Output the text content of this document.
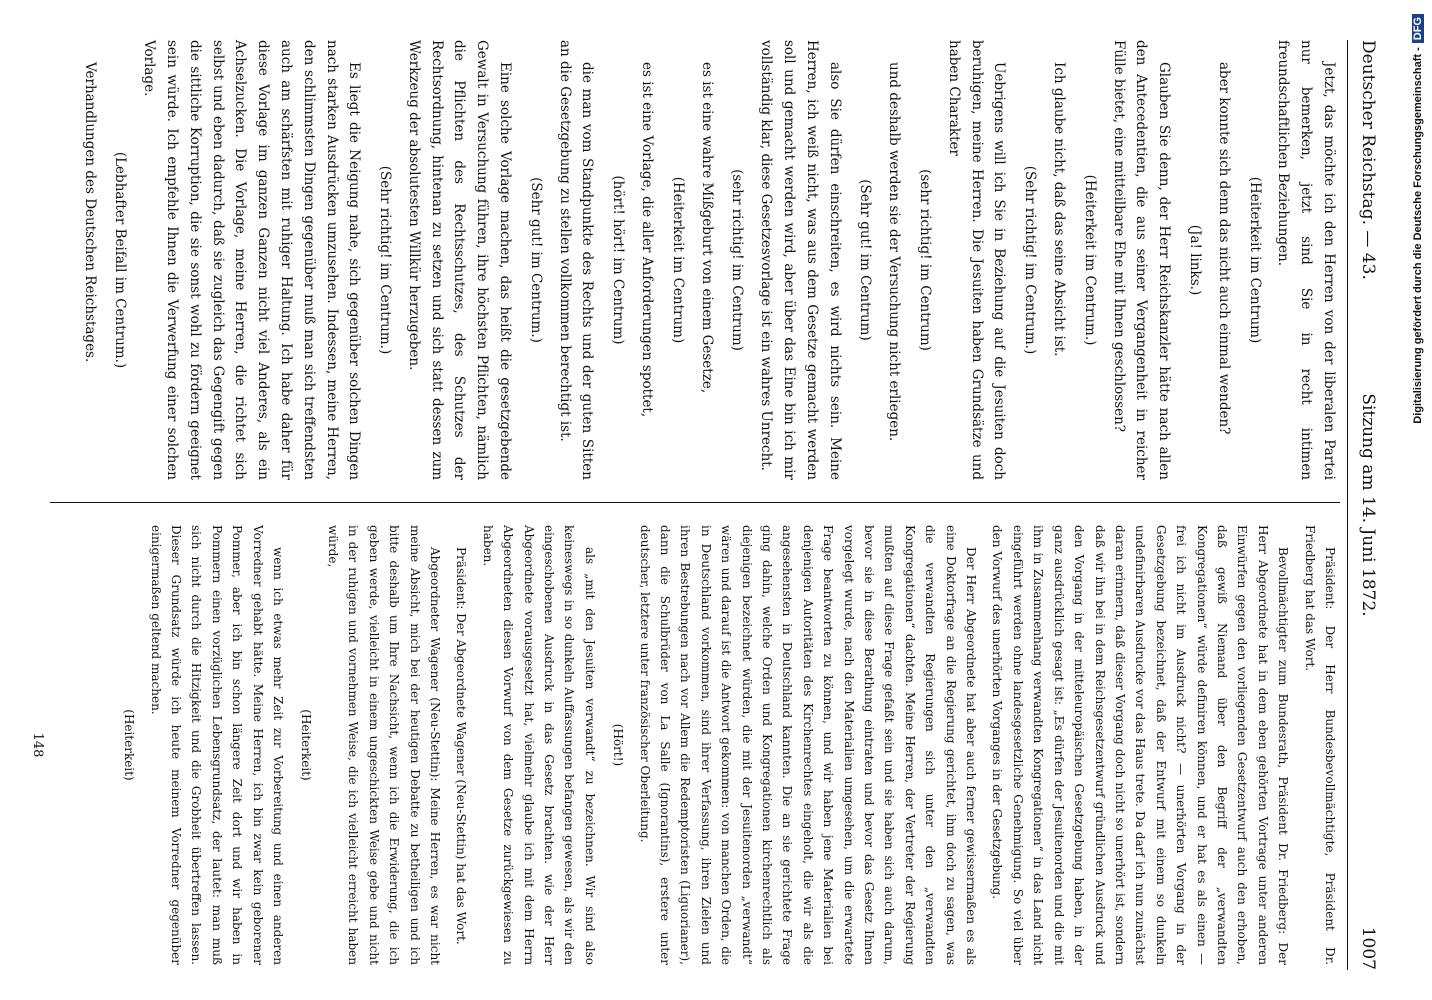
Deutscher Reichstag. — 43.
Sitzung am 14. Juni 1872.
1007

Jetzt, das möchte ich den Herren von der liberalen Partei nur bemerken, jetzt sind Sie in recht intimen freundschaftlichen Beziehungen.

(Heiterkeit im Centrum)

aber konnte sich denn das nicht auch einmal wenden?

(Ja! links.)

Glauben Sie denn, der Herr Reichskanzler hätte nach allen den Antecedentien, die aus seiner Vergangenheit in reicher Fülle bietet, eine mitteilbare Ehe mit Ihnen geschlossen?

(Heiterkeit im Centrum.)

Ich glaube nicht, daß das seine Absicht ist.

(Sehr richtig! im Centrum.)

Uebrigens will ich Sie in Beziehung auf die Jesuiten doch beruhigen, meine Herren. Die Jesuiten haben Grundsätze und haben Charakter

(sehr richtig! im Centrum)

und deshalb werden sie der Versuchung nicht erliegen.

(Sehr gut! im Centrum)

also Sie dürfen einschreiten, es wird nichts sein. Meine Herren, ich weiß nicht, was aus dem Gesetze gemacht werden soll und gemacht werden wird, aber über das Eine bin ich mir vollständig klar, diese Gesetzesvorlage ist ein wahres Unrecht.

(sehr richtig! im Centrum)

es ist eine wahre Mißgeburt von einem Gesetze,

(Heiterkeit im Centrum)

es ist eine Vorlage, die aller Anforderungen spottet,

(hört! hört! im Centrum)

die man vom Standpunkte des Rechts und der guten Sitten an die Gesetzgebung zu stellen vollkommen berechtigt ist.

(Sehr gut! im Centrum.)

Eine solche Vorlage machen, das heißt die gesetzgebende Gewalt in Versuchung führen, ihre höchsten Pflichten, nämlich die Pflichten des Rechtsschutzes, des Schutzes der Rechtsordnung, hintenan zu setzen und sich statt dessen zum Werkzeug der absolutesten Willkür herzugeben.

(Sehr richtig! im Centrum.)

Es liegt die Neigung nahe, sich gegenüber solchen Dingen nach starken Ausdrücken umzusehen. Indessen, meine Herren, den schlimmsten Dingen gegenüber muß man sich treffendsten auch am schärfsten mit ruhiger Haltung. Ich habe daher für diese Vorlage im ganzen Ganzen nicht viel Anderes, als ein Achselzucken. Die Vorlage, meine Herren, die richtet sich selbst und eben dadurch, daß sie zugleich das Gegengift gegen die sittliche Korruption, die sie sonst wohl zu fördern geeignet sein würde. Ich empfehle Ihnen die Verwerfung einer solchen Vorlage.

(Lebhafter Beifall im Centrum.)

Verhandlungen des Deutschen Reichstages.

Präsident: Der Herr Bundesbevollmächtigte, Präsident Dr. Friedberg hat das Wort.

Bevollmächtigter zum Bundesrath, Präsident Dr. Friedberg: Der Herr Abgeordnete hat in dem eben gehörten Vortrage unter anderen Einwürfen gegen den vorliegenden Gesetzentwurf auch den erhoben, daß gewiß Niemand über den Begriff der „verwandten Kongregationen“ würde definiren können, und er hat es als einen — frei ich nicht im Ausdruck nicht? — unerhörten Vorgang in der Gesetzgebung bezeichnet, daß der Entwurf mit einem so dunkeln undefinirbaren Ausdrucke vor das Haus trete. Da darf ich nun zunächst daran erinnern, daß dieser Vorgang doch nicht so unerhört ist, sondern daß wir ihn bei in dem Reichsgesetzentwurf gründlichen Ausdruck und den Vorgang in der mitteleuropäischen Gesetzgebung haben, in der ganz ausdrücklich gesagt ist: „Es dürfen der Jesuitenorden und die mit ihm in Zusammenhang verwandten Kongregationen“ in das Land nicht eingeführt werden ohne landesgesetzliche Genehmigung. So viel über den Vorwurf des unerhörten Vorganges in der Gesetzgebung.

Der Herr Abgeordnete hat aber auch ferner gewissermaßen es als eine Doktorfrage an die Regierung gerichtet, ihm doch zu sagen, was die verwandten Regierungen sich unter den „verwandten Kongregationen“ dachten. Meine Herren, der Vertreter der Regierung mußten auf diese Frage gefaßt sein und sie haben sich auch darum, bevor sie in diese Berathung eintraten und bevor das Gesetz Ihnen vorgelegt wurde, nach den Materialien umgesehen, um die erwartete Frage beantworten zu können, und wir haben jene Materialien bei denjenigen Autoritäten des Kirchenrechtes eingeholt, die wir als die angesehensten in Deutschland kannten. Die an sie gerichtete Frage ging dahin, welche Orden und Kongregationen kirchenrechtlich als diejenigen bezeichnet würden, die mit der Jesuitenorden „verwandt“ wären und darauf ist die Antwort gekommen: von manchen Orden, die in Deutschland vorkommen, sind ihrer Verfassung, ihren Zielen und ihren Bestrebungen nach vor Allem die Redemptoristen (Liguorianer), dann die Schulbrüder von La Salle (Ignorantins), erstere unter deutscher, letztere unter französischer Oberleitung.

(Hört!)

als „mit den Jesuiten verwandt“ zu bezeichnen. Wir sind also keineswegs in so dunkeln Auffassungen befangen gewesen, als wir den eingeschobenen Ausdruck in das Gesetz brachten. wie der Herr Abgeordnete vorausgesetzt hat, vielmehr glaube ich mit dem Herrn Abgeordneten diesen Vorwurf von dem Gesetze zurückgewiesen zu haben.

Präsident: Der Abgeordnete Wagener (Neu-Stettin) hat das Wort.

Abgeordneter Wagener (Neu-Stettin): Meine Herren, es war nicht meine Absicht, mich bei der heutigen Debatte zu betheiligen und ich bitte deshalb um Ihre Nachsicht, wenn ich die Erwiderung, die ich geben werde, vielleicht in einem ungeschickten Weise gebe und nicht in der ruhigen und vornehmen Weise, die ich vielleicht erreicht haben würde,

(Heiterkeit)

wenn ich etwas mehr Zeit zur Vorbereitung und einen anderen Vorredner gehabt hätte. Meine Herren, ich bin zwar kein geborener Pommer, aber ich bin schon längere Zeit dort und wir haben in Pommern einen vorzüglichen Lebensgrundsatz, der lautet: man muß sich nicht durch die Hitzigkeit und die Grobheit übertreffen lassen. Dieser Grundsatz würde ich heute meinem Vorredner gegenüber einigermaßen geltend machen.

(Heiterkeit)

148
Digitalisierung gefördert durch die Deutsche Forschungsgemeinschaft -DFG
